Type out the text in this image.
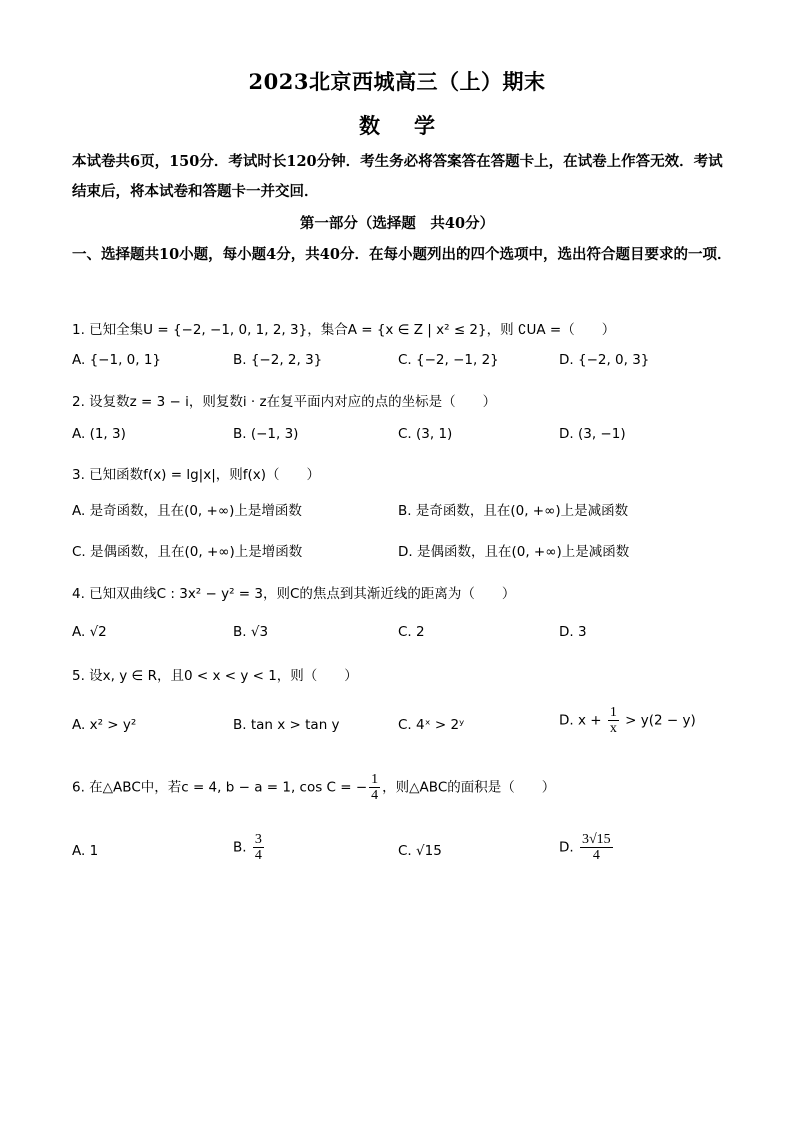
2023北京西城高三（上）期末
数学
本试卷共6页，150分．考试时长120分钟．考生务必将答案答在答题卡上，在试卷上作答无效．考试结束后，将本试卷和答题卡一并交回．
第一部分（选择题　共40分）
一、选择题共10小题，每小题4分，共40分．在每小题列出的四个选项中，选出符合题目要求的一项．
1. 已知全集U = {−2, −1, 0, 1, 2, 3}，集合A = {x ∈ Z | x² ≤ 2}，则 ∁UA =（　　）
A. {−1, 0, 1}	B. {−2, 2, 3}	C. {−2, −1, 2}	D. {−2, 0, 3}
2. 设复数z = 3 − i，则复数i · z在复平面内对应的点的坐标是（　　）
A. (1, 3)	B. (−1, 3)	C. (3, 1)	D. (3, −1)
3. 已知函数f(x) = lg|x|，则f(x)（　　）
A. 是奇函数，且在(0, +∞)上是增函数	B. 是奇函数，且在(0, +∞)上是减函数
C. 是偶函数，且在(0, +∞)上是增函数	D. 是偶函数，且在(0, +∞)上是减函数
4. 已知双曲线C : 3x² − y² = 3，则C的焦点到其渐近线的距离为（　　）
A. √2	B. √3	C. 2	D. 3
5. 设x, y ∈ R，且0 < x < y < 1，则（　　）
A. x² > y²	B. tan x > tan y	C. 4ˣ > 2ʸ	D. $x + \frac{1}{x} > y(2 - y)$
6. 在△ABC中，若c = 4, b − a = 1, cos C = − $\frac{1}{4}$ ，则△ABC的面积是（　　）
A. 1	B. $\frac{3}{4}$	C. √15	D. $\frac{3√15}{4}$
